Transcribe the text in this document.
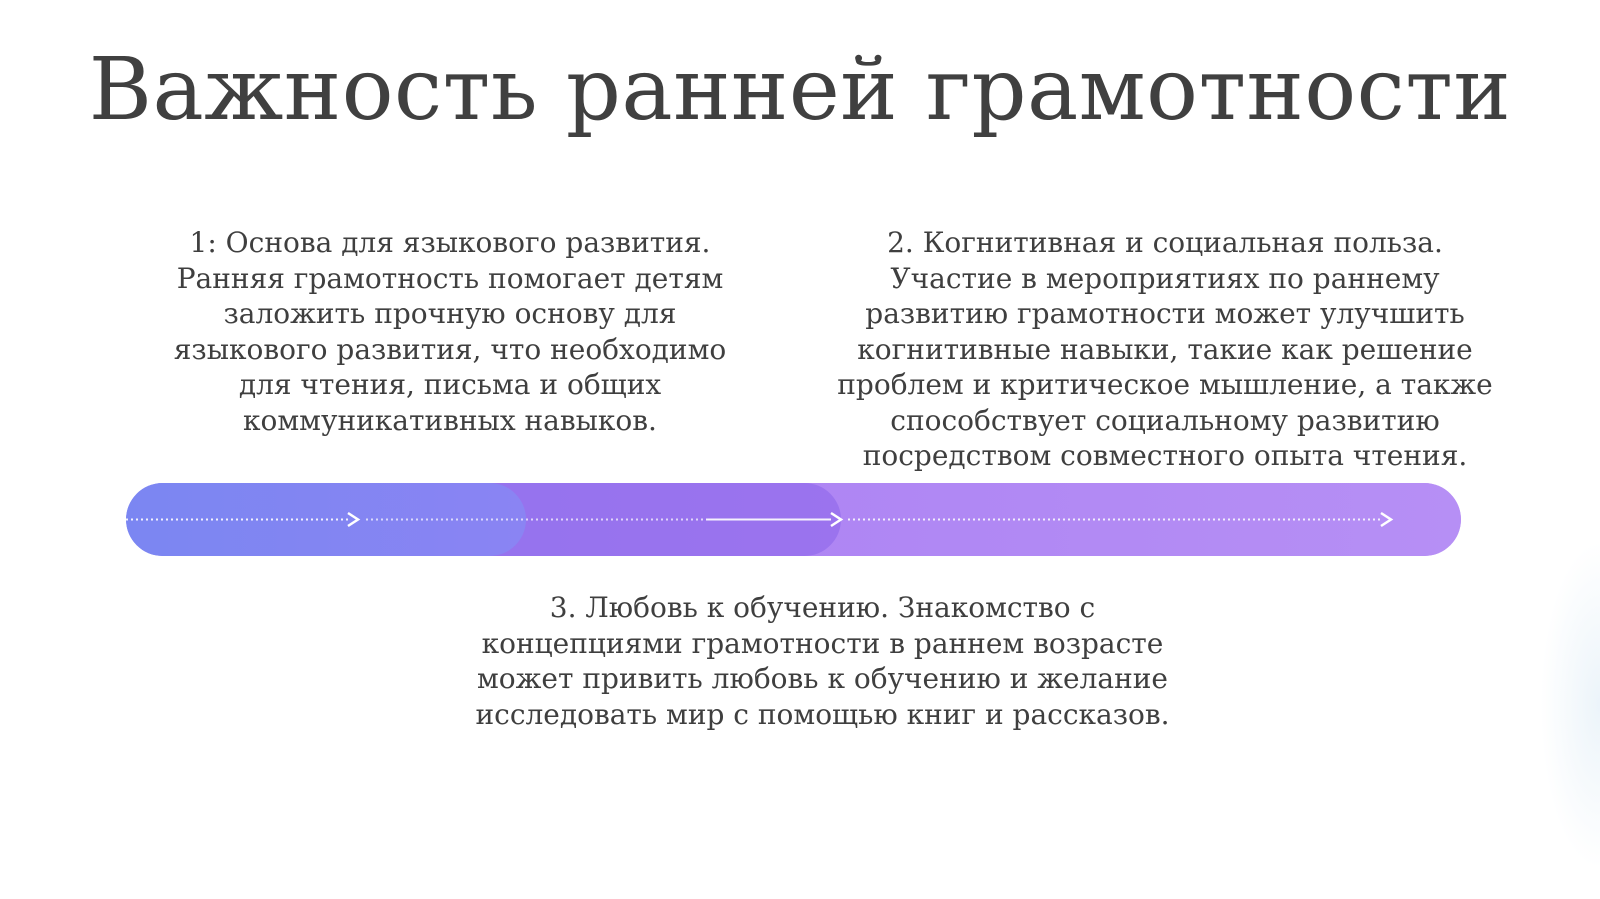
Важность ранней грамотности

1: Основа для языкового развития. Ранняя грамотность помогает детям заложить прочную основу для языкового развития, что необходимо для чтения, письма и общих коммуникативных навыков.

2. Когнитивная и социальная польза. Участие в мероприятиях по раннему развитию грамотности может улучшить когнитивные навыки, такие как решение проблем и критическое мышление, а также способствует социальному развитию посредством совместного опыта чтения.

3. Любовь к обучению. Знакомство с концепциями грамотности в раннем возрасте может привить любовь к обучению и желание исследовать мир с помощью книг и рассказов.
